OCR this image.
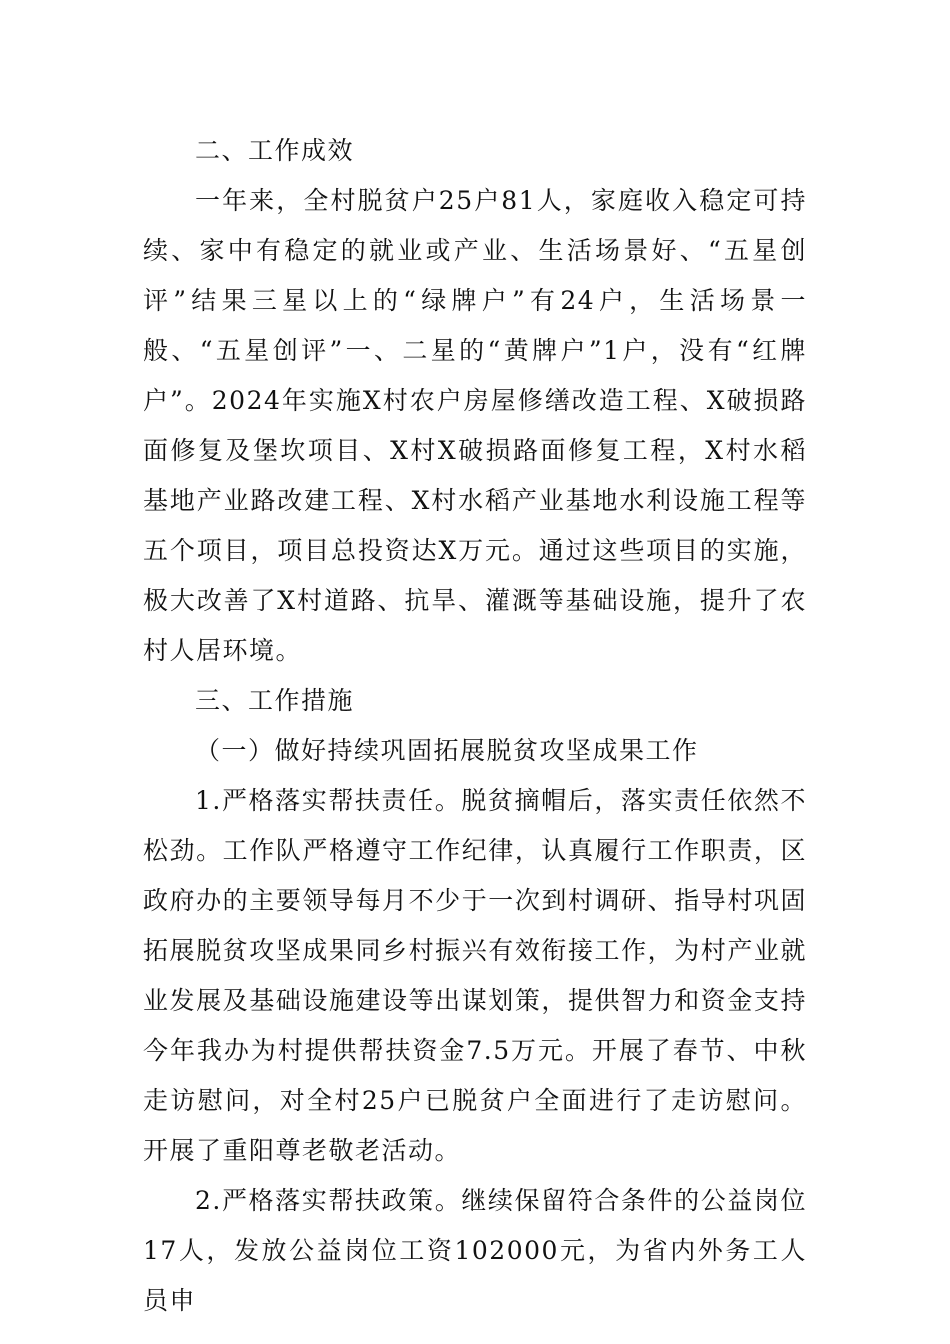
二、工作成效

一年来，全村脱贫户25户81人，家庭收入稳定可持续、家中有稳定的就业或产业、生活场景好、“五星创评”结果三星以上的“绿牌户”有24户，生活场景一般、“五星创评”一、二星的“黄牌户”1户，没有“红牌户”。2024年实施X村农户房屋修缮改造工程、X破损路面修复及堡坎项目、X村X破损路面修复工程，X村水稻基地产业路改建工程、X村水稻产业基地水利设施工程等五个项目，项目总投资达X万元。通过这些项目的实施，极大改善了X村道路、抗旱、灌溉等基础设施，提升了农村人居环境。

三、工作措施

（一）做好持续巩固拓展脱贫攻坚成果工作

1.严格落实帮扶责任。脱贫摘帽后，落实责任依然不松劲。工作队严格遵守工作纪律，认真履行工作职责，区政府办的主要领导每月不少于一次到村调研、指导村巩固拓展脱贫攻坚成果同乡村振兴有效衔接工作，为村产业就业发展及基础设施建设等出谋划策，提供智力和资金支持今年我办为村提供帮扶资金7.5万元。开展了春节、中秋走访慰问，对全村25户已脱贫户全面进行了走访慰问。开展了重阳尊老敬老活动。

2.严格落实帮扶政策。继续保留符合条件的公益岗位17人，发放公益岗位工资102000元，为省内外务工人员申
